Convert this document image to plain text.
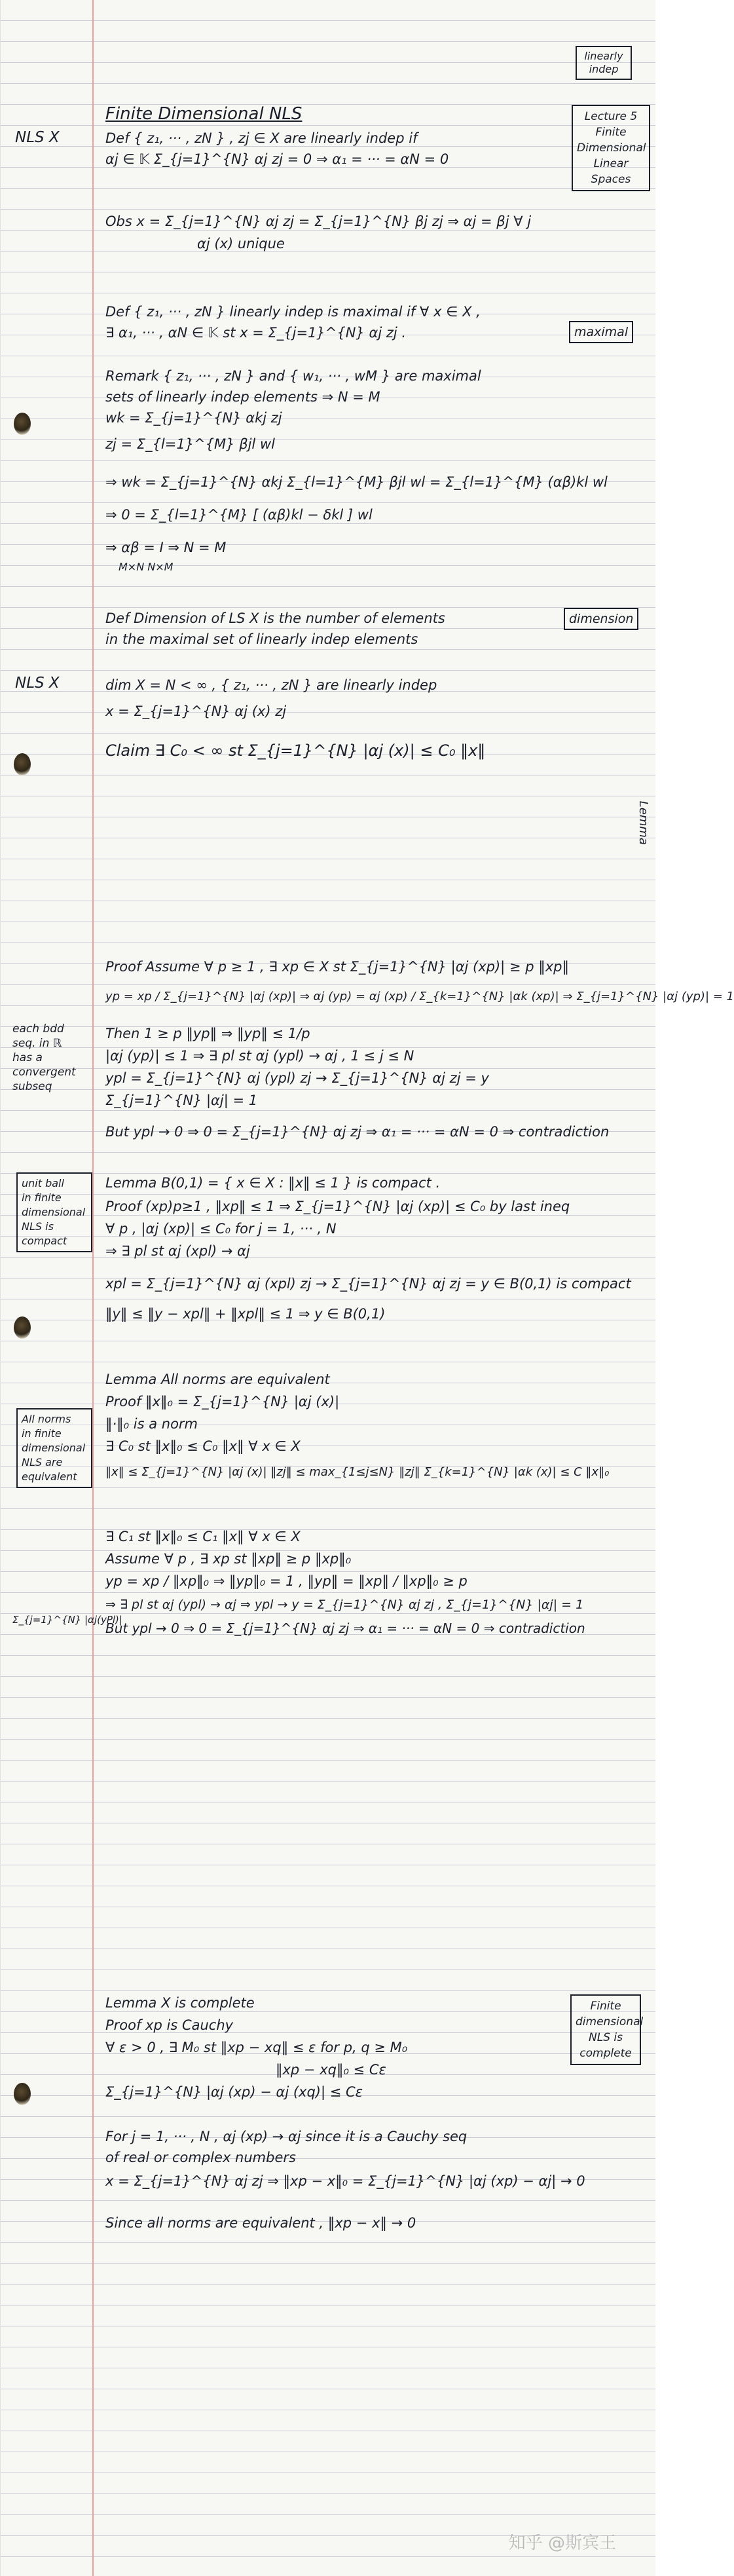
linearly indep
Lecture 5
Finite
Dimensional
Linear
Spaces
maximal
dimension
Finite
dimensional
NLS is
complete
NLS X
NLS X
each bdd
seq. in ℝ
has a
convergent
subseq
unit ball
in finite
dimensional
NLS is
compact
All norms
in finite
dimensional
NLS are
equivalent
Σ_{j=1}^{N} |αj(yPl)|
Lemma
Finite Dimensional NLS
Def { z₁, ··· , zN } , zj ∈ X are linearly indep if
αj ∈ 𝕂 Σ_{j=1}^{N} αj zj = 0 ⇒ α₁ = ··· = αN = 0
Obs x = Σ_{j=1}^{N} αj zj = Σ_{j=1}^{N} βj zj ⇒ αj = βj ∀ j
αj (x) unique
Def { z₁, ··· , zN } linearly indep is maximal if ∀ x ∈ X ,
∃ α₁, ··· , αN ∈ 𝕂 st x = Σ_{j=1}^{N} αj zj .
Remark { z₁, ··· , zN } and { w₁, ··· , wM } are maximal
sets of linearly indep elements ⇒ N = M
wk = Σ_{j=1}^{N} αkj zj
zj = Σ_{l=1}^{M} βjl wl
⇒ wk = Σ_{j=1}^{N} αkj Σ_{l=1}^{M} βjl wl = Σ_{l=1}^{M} (αβ)kl wl
⇒ 0 = Σ_{l=1}^{M} [ (αβ)kl − δkl ] wl
⇒ αβ = I ⇒ N = M
M×N N×M
Def Dimension of LS X is the number of elements
in the maximal set of linearly indep elements
dim X = N < ∞ , { z₁, ··· , zN } are linearly indep
x = Σ_{j=1}^{N} αj (x) zj
Claim ∃ C₀ < ∞ st Σ_{j=1}^{N} |αj (x)| ≤ C₀ ‖x‖
Proof Assume ∀ p ≥ 1 , ∃ xp ∈ X st Σ_{j=1}^{N} |αj (xp)| ≥ p ‖xp‖
yp = xp / Σ_{j=1}^{N} |αj (xp)| ⇒ αj (yp) = αj (xp) / Σ_{k=1}^{N} |αk (xp)| ⇒ Σ_{j=1}^{N} |αj (yp)| = 1
Then 1 ≥ p ‖yp‖ ⇒ ‖yp‖ ≤ 1/p
|αj (yp)| ≤ 1 ⇒ ∃ pl st αj (ypl) → αj , 1 ≤ j ≤ N
ypl = Σ_{j=1}^{N} αj (ypl) zj → Σ_{j=1}^{N} αj zj = y
Σ_{j=1}^{N} |αj| = 1
But ypl → 0 ⇒ 0 = Σ_{j=1}^{N} αj zj ⇒ α₁ = ··· = αN = 0 ⇒ contradiction
Lemma B(0,1) = { x ∈ X : ‖x‖ ≤ 1 } is compact .
Proof (xp)p≥1 , ‖xp‖ ≤ 1 ⇒ Σ_{j=1}^{N} |αj (xp)| ≤ C₀ by last ineq
∀ p , |αj (xp)| ≤ C₀ for j = 1, ··· , N
⇒ ∃ pl st αj (xpl) → αj
xpl = Σ_{j=1}^{N} αj (xpl) zj → Σ_{j=1}^{N} αj zj = y ∈ B(0,1) is compact
‖y‖ ≤ ‖y − xpl‖ + ‖xpl‖ ≤ 1 ⇒ y ∈ B(0,1)
Lemma All norms are equivalent
Proof ‖x‖₀ = Σ_{j=1}^{N} |αj (x)|
‖·‖₀ is a norm
∃ C₀ st ‖x‖₀ ≤ C₀ ‖x‖ ∀ x ∈ X
‖x‖ ≤ Σ_{j=1}^{N} |αj (x)| ‖zj‖ ≤ max_{1≤j≤N} ‖zj‖ Σ_{k=1}^{N} |αk (x)| ≤ C ‖x‖₀
∃ C₁ st ‖x‖₀ ≤ C₁ ‖x‖ ∀ x ∈ X
Assume ∀ p , ∃ xp st ‖xp‖ ≥ p ‖xp‖₀
yp = xp / ‖xp‖₀ ⇒ ‖yp‖₀ = 1 , ‖yp‖ = ‖xp‖ / ‖xp‖₀ ≥ p
⇒ ∃ pl st αj (ypl) → αj ⇒ ypl → y = Σ_{j=1}^{N} αj zj , Σ_{j=1}^{N} |αj| = 1
But ypl → 0 ⇒ 0 = Σ_{j=1}^{N} αj zj ⇒ α₁ = ··· = αN = 0 ⇒ contradiction
Lemma X is complete
Proof xp is Cauchy
∀ ε > 0 , ∃ M₀ st ‖xp − xq‖ ≤ ε for p, q ≥ M₀
‖xp − xq‖₀ ≤ Cε
Σ_{j=1}^{N} |αj (xp) − αj (xq)| ≤ Cε
For j = 1, ··· , N , αj (xp) → αj since it is a Cauchy seq
of real or complex numbers
x = Σ_{j=1}^{N} αj zj ⇒ ‖xp − x‖₀ = Σ_{j=1}^{N} |αj (xp) − αj| → 0
Since all norms are equivalent , ‖xp − x‖ → 0
知乎 @斯宾王
